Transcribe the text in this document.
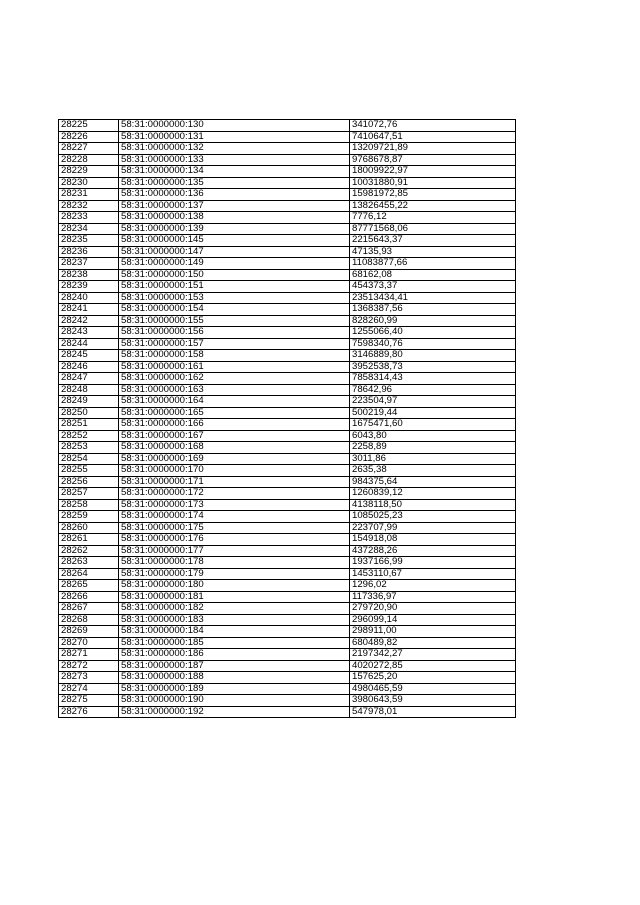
28225	58:31:0000000:130	341072,76
28226	58:31:0000000:131	7410647,51
28227	58:31:0000000:132	13209721,89
28228	58:31:0000000:133	9768678,87
28229	58:31:0000000:134	18009922,97
28230	58:31:0000000:135	10031880,91
28231	58:31:0000000:136	15981972,85
28232	58:31:0000000:137	13826455,22
28233	58:31:0000000:138	7776,12
28234	58:31:0000000:139	87771568,06
28235	58:31:0000000:145	2215643,37
28236	58:31:0000000:147	47135,93
28237	58:31:0000000:149	11083877,66
28238	58:31:0000000:150	68162,08
28239	58:31:0000000:151	454373,37
28240	58:31:0000000:153	23513434,41
28241	58:31:0000000:154	1368387,56
28242	58:31:0000000:155	828260,99
28243	58:31:0000000:156	1255066,40
28244	58:31:0000000:157	7598340,76
28245	58:31:0000000:158	3146889,80
28246	58:31:0000000:161	3952538,73
28247	58:31:0000000:162	7858314,43
28248	58:31:0000000:163	78642,96
28249	58:31:0000000:164	223504,97
28250	58:31:0000000:165	500219,44
28251	58:31:0000000:166	1675471,60
28252	58:31:0000000:167	6043,80
28253	58:31:0000000:168	2258,89
28254	58:31:0000000:169	3011,86
28255	58:31:0000000:170	2635,38
28256	58:31:0000000:171	984375,64
28257	58:31:0000000:172	1260839,12
28258	58:31:0000000:173	4138118,50
28259	58:31:0000000:174	1085025,23
28260	58:31:0000000:175	223707,99
28261	58:31:0000000:176	154918,08
28262	58:31:0000000:177	437288,26
28263	58:31:0000000:178	1937166,99
28264	58:31:0000000:179	1453110,67
28265	58:31:0000000:180	1296,02
28266	58:31:0000000:181	117336,97
28267	58:31:0000000:182	279720,90
28268	58:31:0000000:183	296099,14
28269	58:31:0000000:184	298911,00
28270	58:31:0000000:185	680489,82
28271	58:31:0000000:186	2197342,27
28272	58:31:0000000:187	4020272,85
28273	58:31:0000000:188	157625,20
28274	58:31:0000000:189	4980465,59
28275	58:31:0000000:190	3980643,59
28276	58:31:0000000:192	547978,01
